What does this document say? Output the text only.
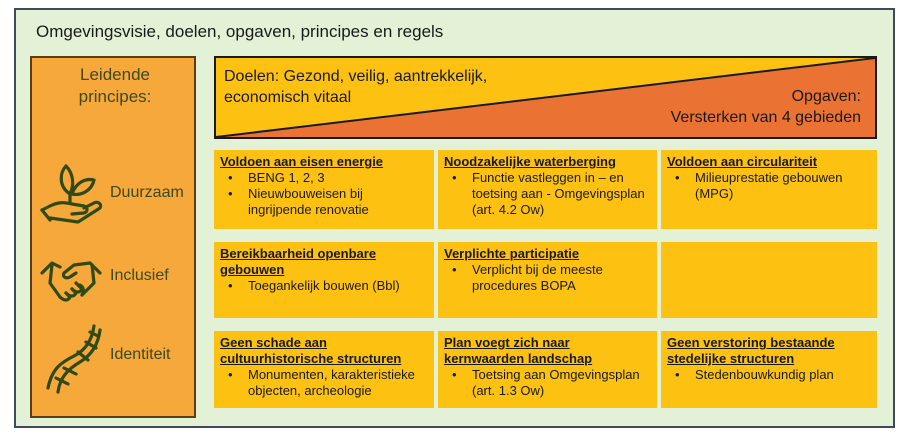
Omgevingsvisie, doelen, opgaven, principes en regels
Leidende
principes:
Duurzaam
Inclusief
Identiteit
Doelen: Gezond, veilig, aantrekkelijk,
economisch vitaal	Opgaven:
Versterken van 4 gebieden
Voldoen aan eisen energie
• BENG 1, 2, 3
• Nieuwbouweisen bij
ingrijpende renovatie
Noodzakelijke waterberging
• Functie vastleggen in – en
toetsing aan - Omgevingsplan
(art. 4.2 Ow)
Voldoen aan circulariteit
• Milieuprestatie gebouwen
(MPG)
Bereikbaarheid openbare
gebouwen
• Toegankelijk bouwen (Bbl)
Verplichte participatie
• Verplicht bij de meeste
procedures BOPA
Geen schade aan
cultuurhistorische structuren
• Monumenten, karakteristieke
objecten, archeologie
Plan voegt zich naar
kernwaarden landschap
• Toetsing aan Omgevingsplan
(art. 1.3 Ow)
Geen verstoring bestaande
stedelijke structuren
• Stedenbouwkundig plan
